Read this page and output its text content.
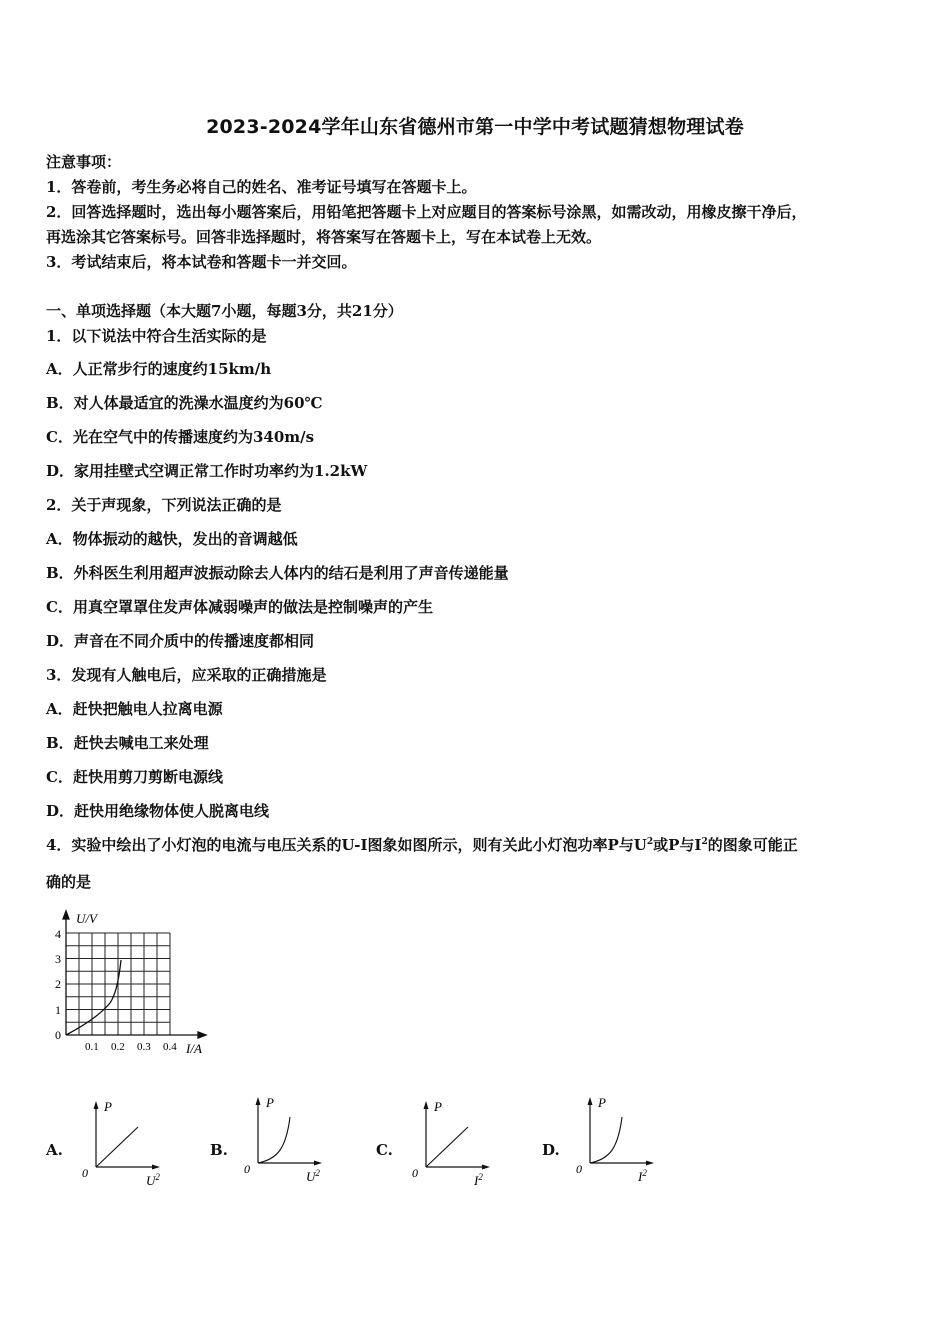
2023-2024学年山东省德州市第一中学中考试题猜想物理试卷
注意事项：
1．答卷前，考生务必将自己的姓名、准考证号填写在答题卡上。
2．回答选择题时，选出每小题答案后，用铅笔把答题卡上对应题目的答案标号涂黑，如需改动，用橡皮擦干净后，
再选涂其它答案标号。回答非选择题时，将答案写在答题卡上，写在本试卷上无效。
3．考试结束后，将本试卷和答题卡一并交回。
一、单项选择题（本大题7小题，每题3分，共21分）
1．以下说法中符合生活实际的是
A．人正常步行的速度约15km/h
B．对人体最适宜的洗澡水温度约为60℃
C．光在空气中的传播速度约为340m/s
D．家用挂壁式空调正常工作时功率约为1.2kW
2．关于声现象，下列说法正确的是
A．物体振动的越快，发出的音调越低
B．外科医生利用超声波振动除去人体内的结石是利用了声音传递能量
C．用真空罩罩住发声体减弱噪声的做法是控制噪声的产生
D．声音在不同介质中的传播速度都相同
3．发现有人触电后，应采取的正确措施是
A．赶快把触电人拉离电源
B．赶快去喊电工来处理
C．赶快用剪刀剪断电源线
D．赶快用绝缘物体使人脱离电线
4．实验中绘出了小灯泡的电流与电压关系的U-I图象如图所示，则有关此小灯泡功率P与$U^2$或P与$I^2$的图象可能正
确的是
U/V
I/A
0
1
2
3
4
0.1 0.2 0.3 0.4
A.
P
0	$U^2$
B.
P
0	$U^2$
C.
P
0	$I^2$
D.
P
0	$I^2$
